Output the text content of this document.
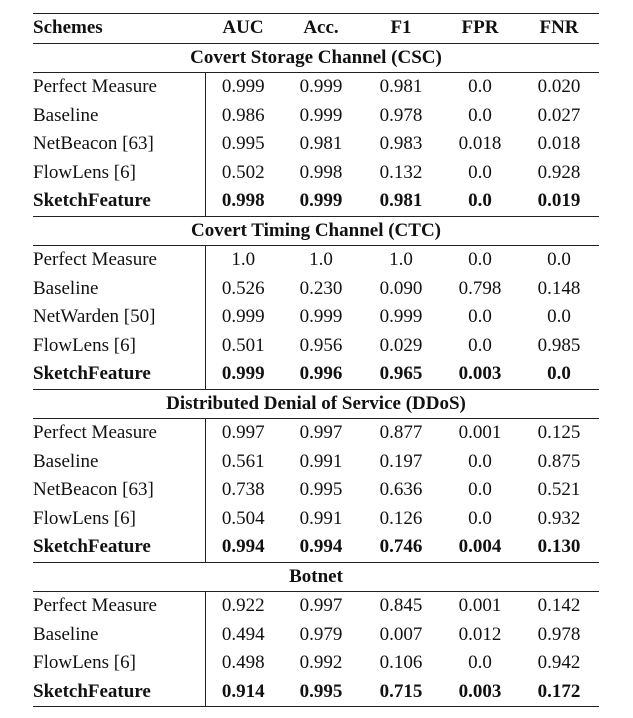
Schemes	AUC	Acc.	F1	FPR	FNR
Covert Storage Channel (CSC)					
Perfect Measure	0.999	0.999	0.981	0.0	0.020
Baseline	0.986	0.999	0.978	0.0	0.027
NetBeacon [63]	0.995	0.981	0.983	0.018	0.018
FlowLens [6]	0.502	0.998	0.132	0.0	0.928
SketchFeature	0.998	0.999	0.981	0.0	0.019
Covert Timing Channel (CTC)					
Perfect Measure	1.0	1.0	1.0	0.0	0.0
Baseline	0.526	0.230	0.090	0.798	0.148
NetWarden [50]	0.999	0.999	0.999	0.0	0.0
FlowLens [6]	0.501	0.956	0.029	0.0	0.985
SketchFeature	0.999	0.996	0.965	0.003	0.0
Distributed Denial of Service (DDoS)					
Perfect Measure	0.997	0.997	0.877	0.001	0.125
Baseline	0.561	0.991	0.197	0.0	0.875
NetBeacon [63]	0.738	0.995	0.636	0.0	0.521
FlowLens [6]	0.504	0.991	0.126	0.0	0.932
SketchFeature	0.994	0.994	0.746	0.004	0.130
Botnet					
Perfect Measure	0.922	0.997	0.845	0.001	0.142
Baseline	0.494	0.979	0.007	0.012	0.978
FlowLens [6]	0.498	0.992	0.106	0.0	0.942
SketchFeature	0.914	0.995	0.715	0.003	0.172
